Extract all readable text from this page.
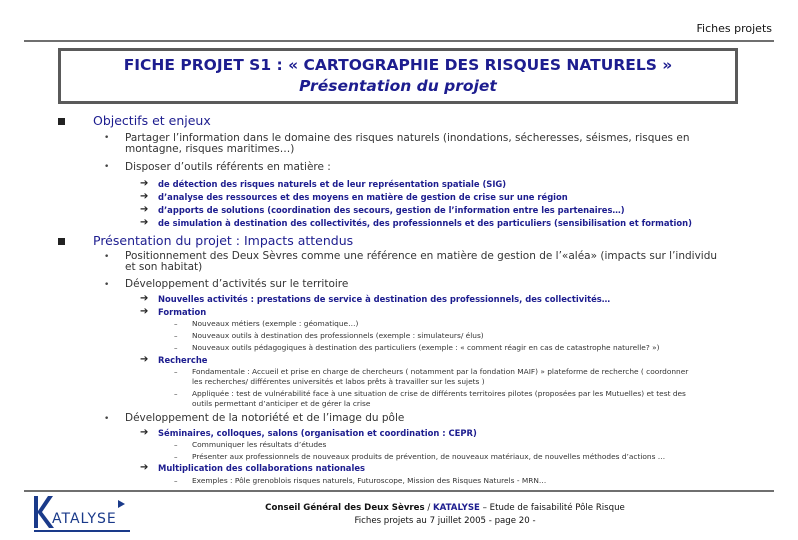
Fiches projets
FICHE PROJET S1 : « CARTOGRAPHIE DES RISQUES NATURELS »
Présentation du projet
Objectifs et enjeux
• Partager l’information dans le domaine des risques naturels (inondations, sécheresses, séismes, risques en
montagne, risques maritimes…)
• Disposer d’outils référents en matière :
➔ de détection des risques naturels et de leur représentation spatiale (SIG)
➔ d’analyse des ressources et des moyens en matière de gestion de crise sur une région
➔ d’apports de solutions (coordination des secours, gestion de l’information entre les partenaires…)
➔ de simulation à destination des collectivités, des professionnels et des particuliers (sensibilisation et formation)
Présentation du projet : Impacts attendus
• Positionnement des Deux Sèvres comme une référence en matière de gestion de l’«aléa» (impacts sur l’individu
et son habitat)
• Développement d’activités sur le territoire
➔ Nouvelles activités : prestations de service à destination des professionnels, des collectivités…
➔ Formation
– Nouveaux métiers (exemple : géomatique…)
– Nouveaux outils à destination des professionnels (exemple : simulateurs/ élus)
– Nouveaux outils pédagogiques à destination des particuliers (exemple : « comment réagir en cas de catastrophe naturelle? »)
➔ Recherche
– Fondamentale : Accueil et prise en charge de chercheurs ( notamment par la fondation MAIF) » plateforme de recherche ( coordonner
les recherches/ différentes universités et labos prêts à travailler sur les sujets )
– Appliquée : test de vulnérabilité face à une situation de crise de différents territoires pilotes (proposées par les Mutuelles) et test des
outils permettant d’anticiper et de gérer la crise
• Développement de la notoriété et de l’image du pôle
➔ Séminaires, colloques, salons (organisation et coordination : CEPR)
– Communiquer les résultats d’études
– Présenter aux professionnels de nouveaux produits de prévention, de nouveaux matériaux, de nouvelles méthodes d’actions …
➔ Multiplication des collaborations nationales
– Exemples : Pôle grenoblois risques naturels, Futuroscope, Mission des Risques Naturels - MRN…
ATALYSE
Conseil Général des Deux Sèvres / KATALYSE – Etude de faisabilité Pôle Risque
Fiches projets au 7 juillet 2005 - page 20 -
